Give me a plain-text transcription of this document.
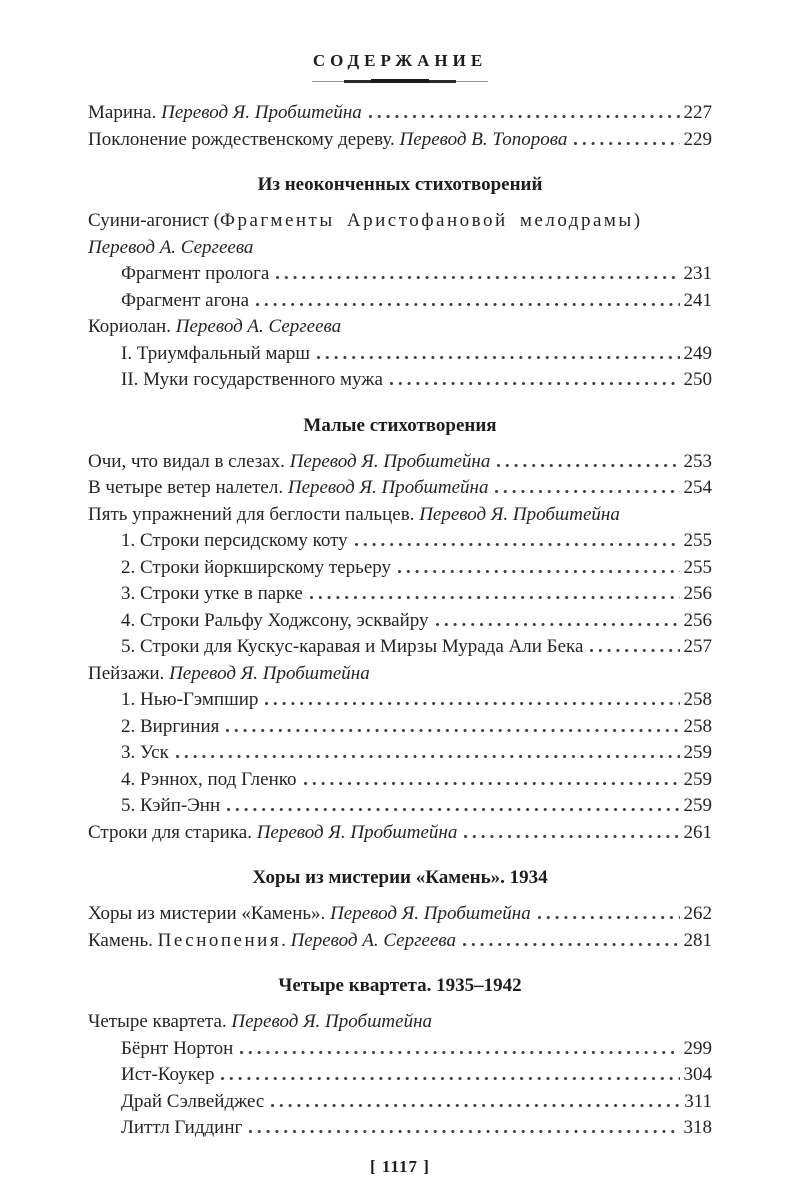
СОДЕРЖАНИЕ
Марина. Перевод Я. Пробштейна	227
Поклонение рождественскому дереву. Перевод В. Топорова	229
Из неоконченных стихотворений
Суини-агонист (Фрагменты Аристофановой мелодрамы)
Перевод А. Сергеева
Фрагмент пролога	231
Фрагмент агона	241
Кориолан. Перевод А. Сергеева
I. Триумфальный марш	249
II. Муки государственного мужа	250
Малые стихотворения
Очи, что видал в слезах. Перевод Я. Пробштейна	253
В четыре ветер налетел. Перевод Я. Пробштейна	254
Пять упражнений для беглости пальцев. Перевод Я. Пробштейна
1. Строки персидскому коту	255
2. Строки йоркширскому терьеру	255
3. Строки утке в парке	256
4. Строки Ральфу Ходжсону, эсквайру	256
5. Строки для Кускус-каравая и Мирзы Мурада Али Бека	257
Пейзажи. Перевод Я. Пробштейна
1. Нью-Гэмпшир	258
2. Виргиния	258
3. Уск	259
4. Рэннох, под Гленко	259
5. Кэйп-Энн	259
Строки для старика. Перевод Я. Пробштейна	261
Хоры из мистерии «Камень». 1934
Хоры из мистерии «Камень». Перевод Я. Пробштейна	262
Камень. Песнопения. Перевод А. Сергеева	281
Четыре квартета. 1935–1942
Четыре квартета. Перевод Я. Пробштейна
Бёрнт Нортон	299
Ист-Коукер	304
Драй Сэлвейджес	311
Литтл Гиддинг	318
[ 1117 ]
